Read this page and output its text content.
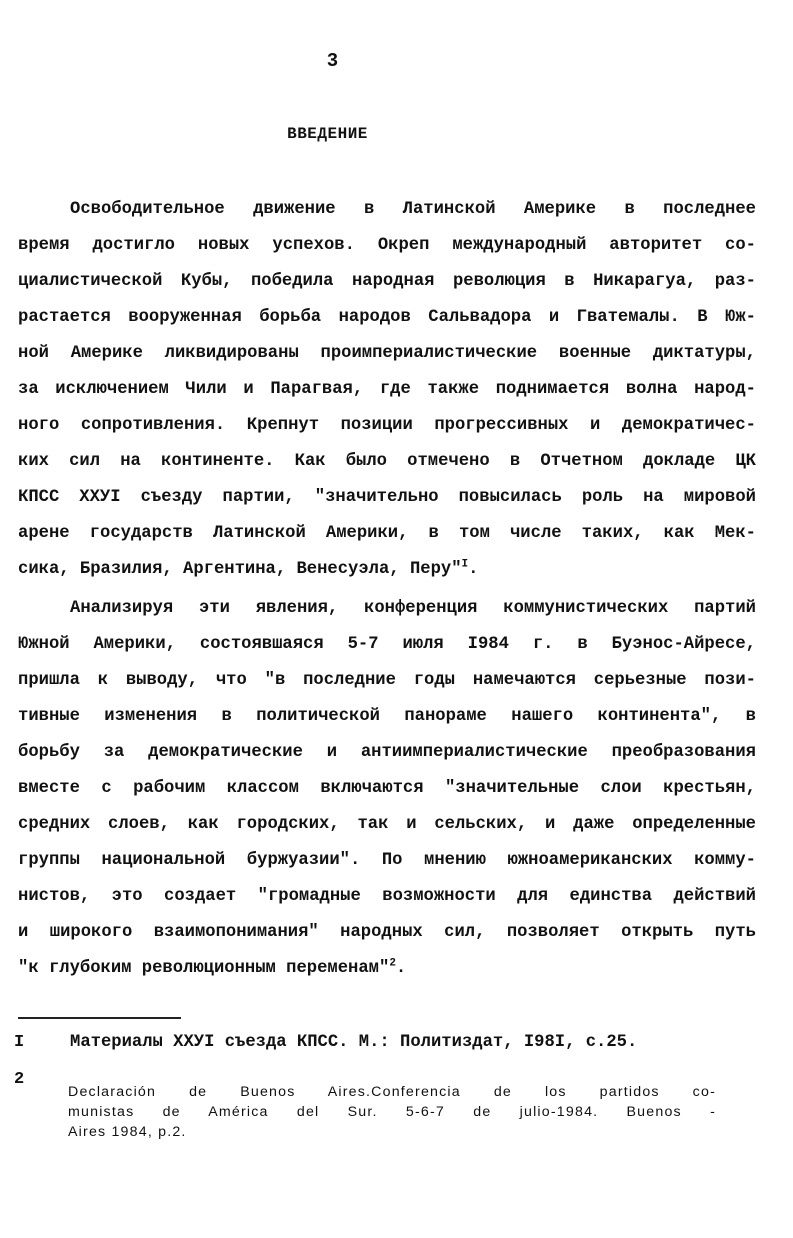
3
ВВЕДЕНИЕ
Освободительное движение в Латинской Америке в последнее
время достигло новых успехов. Окреп международный авторитет со-
циалистической Кубы, победила народная революция в Никарагуа, раз-
растается вооруженная борьба народов Сальвадора и Гватемалы. В Юж-
ной Америке ликвидированы проимпериалистические военные диктатуры,
за исключением Чили и Парагвая, где также поднимается волна народ-
ного сопротивления. Крепнут позиции прогрессивных и демократичес-
ких сил на континенте. Как было отмечено в Отчетном докладе ЦК
КПСС XXУI съезду партии, "значительно повысилась роль на мировой
арене государств Латинской Америки, в том числе таких, как Мек-
сика, Бразилия, Аргентина, Венесуэла, Перу"$^I$.
Анализируя эти явления, конференция коммунистических партий
Южной Америки, состоявшаяся 5-7 июля I984 г. в Буэнос-Айресе,
пришла к выводу, что "в последние годы намечаются серьезные пози-
тивные изменения в политической панораме нашего континента", в
борьбу за демократические и антиимпериалистические преобразования
вместе с рабочим классом включаются "значительные слои крестьян,
средних слоев, как городских, так и сельских, и даже определенные
группы национальной буржуазии". По мнению южноамериканских комму-
нистов, это создает "громадные возможности для единства действий
и широкого взаимопонимания" народных сил, позволяет открыть путь
"к глубоким революционным переменам"$^2$.
I	Материалы XXУI съезда КПСС. М.: Политиздат, I98I, с.25.
2
Declaración de Buenos Aires.Conferencia de los partidos co-
munistas de América del Sur. 5-6-7 de julio-1984. Buenos -
Aires 1984, p.2.
